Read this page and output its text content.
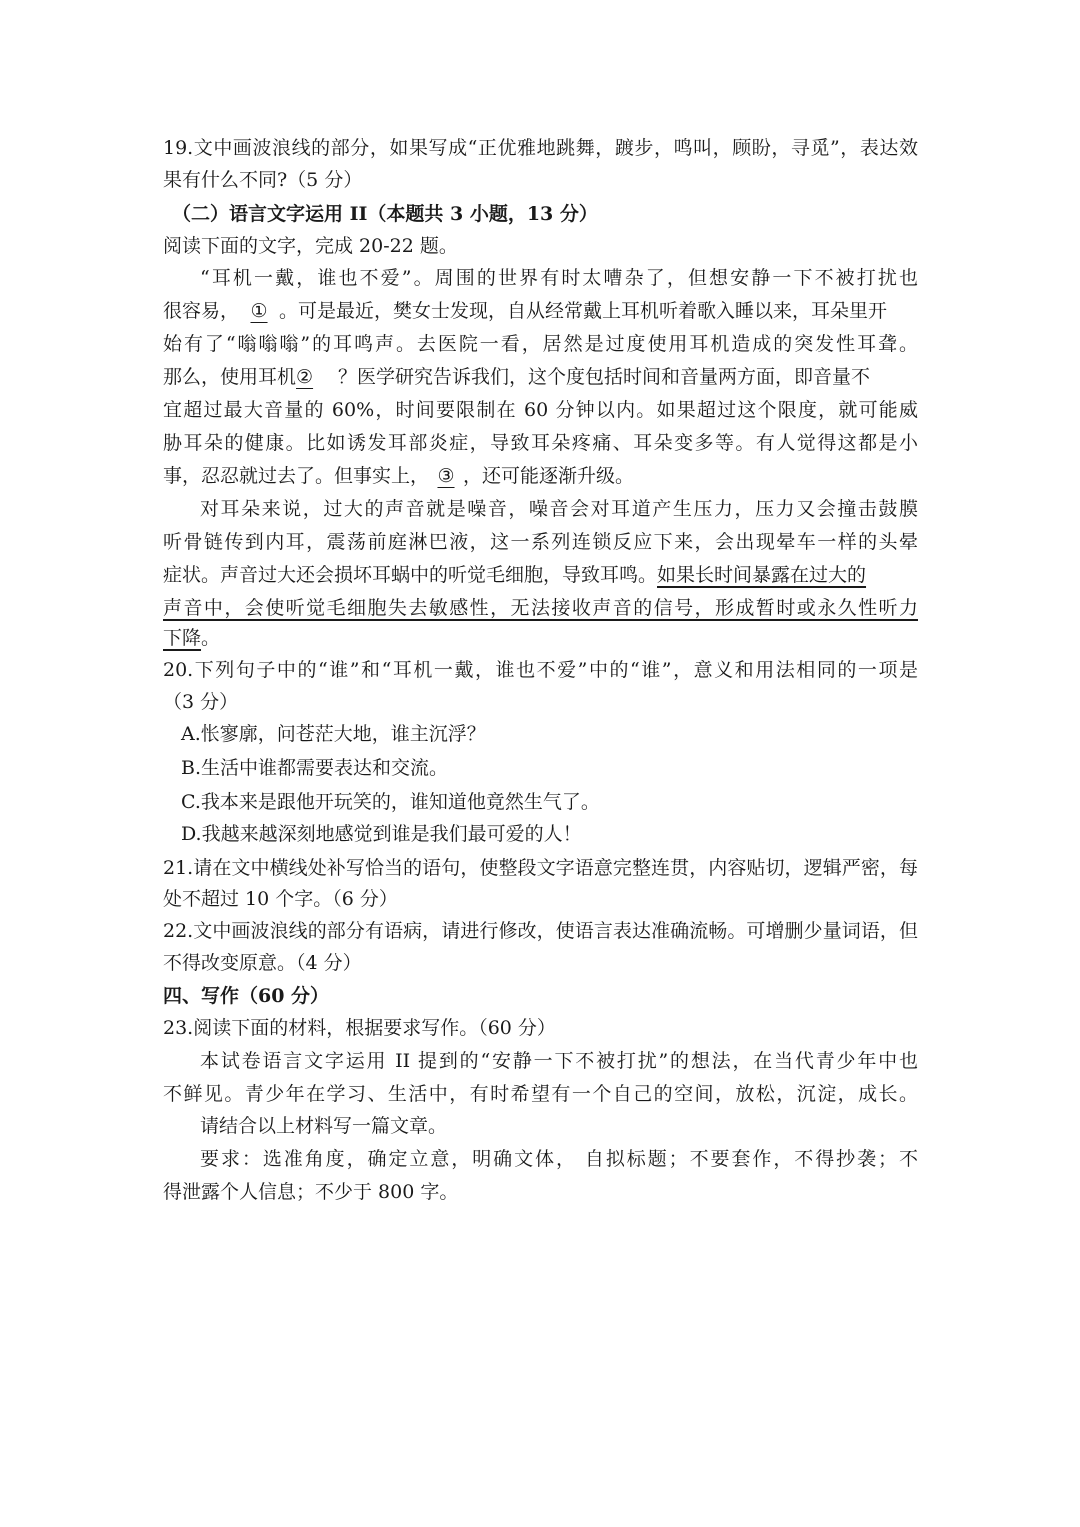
19.文中画波浪线的部分，如果写成“正优雅地跳舞，踱步，鸣叫，顾盼，寻觅”，表达效
果有什么不同?（5 分）
（二）语言文字运用 II（本题共 3 小题，13 分）
阅读下面的文字，完成 20-22 题。
“耳机一戴，谁也不爱”。周围的世界有时太嘈杂了，但想安静一下不被打扰也
很容易， ① 。可是最近，樊女士发现，自从经常戴上耳机听着歌入睡以来，耳朵里开
始有了“嗡嗡嗡”的耳鸣声。去医院一看，居然是过度使用耳机造成的突发性耳聋。
那么，使用耳机② ？医学研究告诉我们，这个度包括时间和音量两方面，即音量不
宜超过最大音量的 60%，时间要限制在 60 分钟以内。如果超过这个限度，就可能威
胁耳朵的健康。比如诱发耳部炎症，导致耳朵疼痛、耳朵变多等。有人觉得这都是小
事，忍忍就过去了。但事实上， ③ ，还可能逐渐升级。
对耳朵来说，过大的声音就是噪音，噪音会对耳道产生压力，压力又会撞击鼓膜
听骨链传到内耳，震荡前庭淋巴液，这一系列连锁反应下来，会出现晕车一样的头晕
症状。声音过大还会损坏耳蜗中的听觉毛细胞，导致耳鸣。如果长时间暴露在过大的
声音中，会使听觉毛细胞失去敏感性，无法接收声音的信号，形成暂时或永久性听力
下降。
20.下列句子中的“谁”和“耳机一戴，谁也不爱”中的“谁”，意义和用法相同的一项是
（3 分）
A.怅寥廓，问苍茫大地，谁主沉浮？
B.生活中谁都需要表达和交流。
C.我本来是跟他开玩笑的，谁知道他竟然生气了。
D.我越来越深刻地感觉到谁是我们最可爱的人！
21.请在文中横线处补写恰当的语句，使整段文字语意完整连贯，内容贴切，逻辑严密，每
处不超过 10 个字。（6 分）
22.文中画波浪线的部分有语病，请进行修改，使语言表达准确流畅。可增删少量词语，但
不得改变原意。（4 分）
四、写作（60 分）
23.阅读下面的材料，根据要求写作。（60 分）
本试卷语言文字运用 II 提到的“安静一下不被打扰”的想法，在当代青少年中也
不鲜见。青少年在学习、生活中，有时希望有一个自己的空间，放松，沉淀，成长。
请结合以上材料写一篇文章。
要求：选准角度，确定立意，明确文体， 自拟标题；不要套作，不得抄袭；不
得泄露个人信息；不少于 800 字。
